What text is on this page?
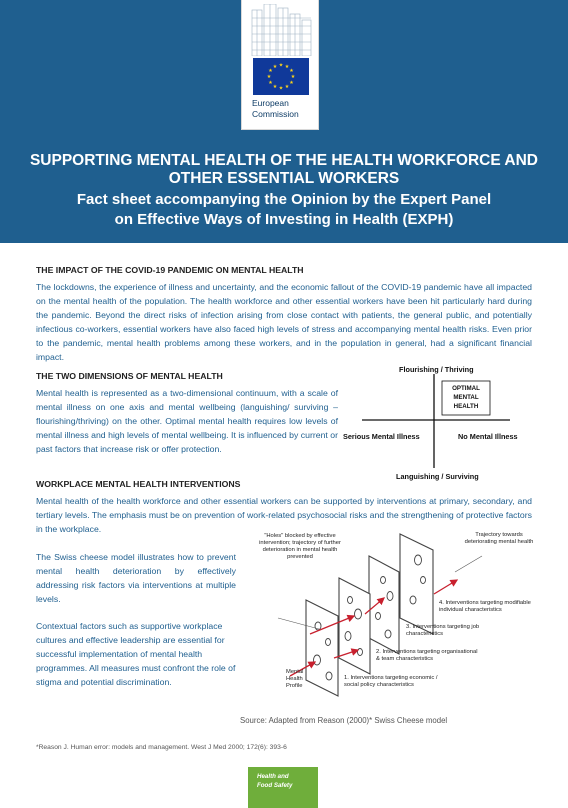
★ ★
★
★
★
★
★
★
★
★
★
★
European
Commission
SUPPORTING MENTAL HEALTH OF THE HEALTH WORKFORCE AND
OTHER ESSENTIAL WORKERS
Fact sheet accompanying the Opinion by the Expert Panel
on Effective Ways of Investing in Health (EXPH)
THE IMPACT OF THE COVID-19 PANDEMIC ON MENTAL HEALTH
The lockdowns, the experience of illness and uncertainty, and the economic fallout of the COVID-19 pandemic have all impacted on the mental health of the population. The health workforce and other essential workers have been hit particularly hard during the pandemic. Beyond the direct risks of infection arising from close contact with patients, the general public, and potentially infectious co-workers, essential workers have also faced high levels of stress and accompanying mental health risks. Even prior to the pandemic, mental health problems among these workers, and in the population in general, had a significant financial impact.
THE TWO DIMENSIONS OF MENTAL HEALTH
Mental health is represented as a two-dimensional continuum, with a scale of mental illness on one axis and mental wellbeing (languishing/ surviving – flourishing/thriving) on the other. Optimal mental health requires low levels of mental illness and high levels of mental wellbeing. It is influenced by current or past factors that increase risk or offer protection.
Flourishing / Thriving
Languishing / Surviving
Serious Mental Illness	No Mental Illness
OPTIMAL
MENTAL
HEALTH
WORKPLACE MENTAL HEALTH INTERVENTIONS
Mental health of the health workforce and other essential workers can be supported by interventions at primary, secondary, and tertiary levels. The emphasis must be on prevention of work-related psychosocial risks and the strengthening of protective factors in the workplace.
The Swiss cheese model illustrates how to prevent mental health deterioration by effectively addressing risk factors via interventions at multiple levels.
Contextual factors such as supportive workplace cultures and effective leadership are essential for successful implementation of mental health programmes. All measures must confront the role of stigma and potential discrimination.
"Holes" blocked by effective
intervention; trajectory of further
deterioration in mental health
prevented
Trajectory towards
deteriorating mental health
4. Interventions targeting modifiable
individual characteristics
3. Interventions targeting job
characteristics
2. Interventions targeting organisational
& team characteristics
1. Interventions targeting economic /
social policy characteristics
Mental
Health
Profile
Source: Adapted from Reason (2000)* Swiss Cheese model
*Reason J. Human error: models and management. West J Med 2000; 172(6): 393-6
Health and
Food Safety
